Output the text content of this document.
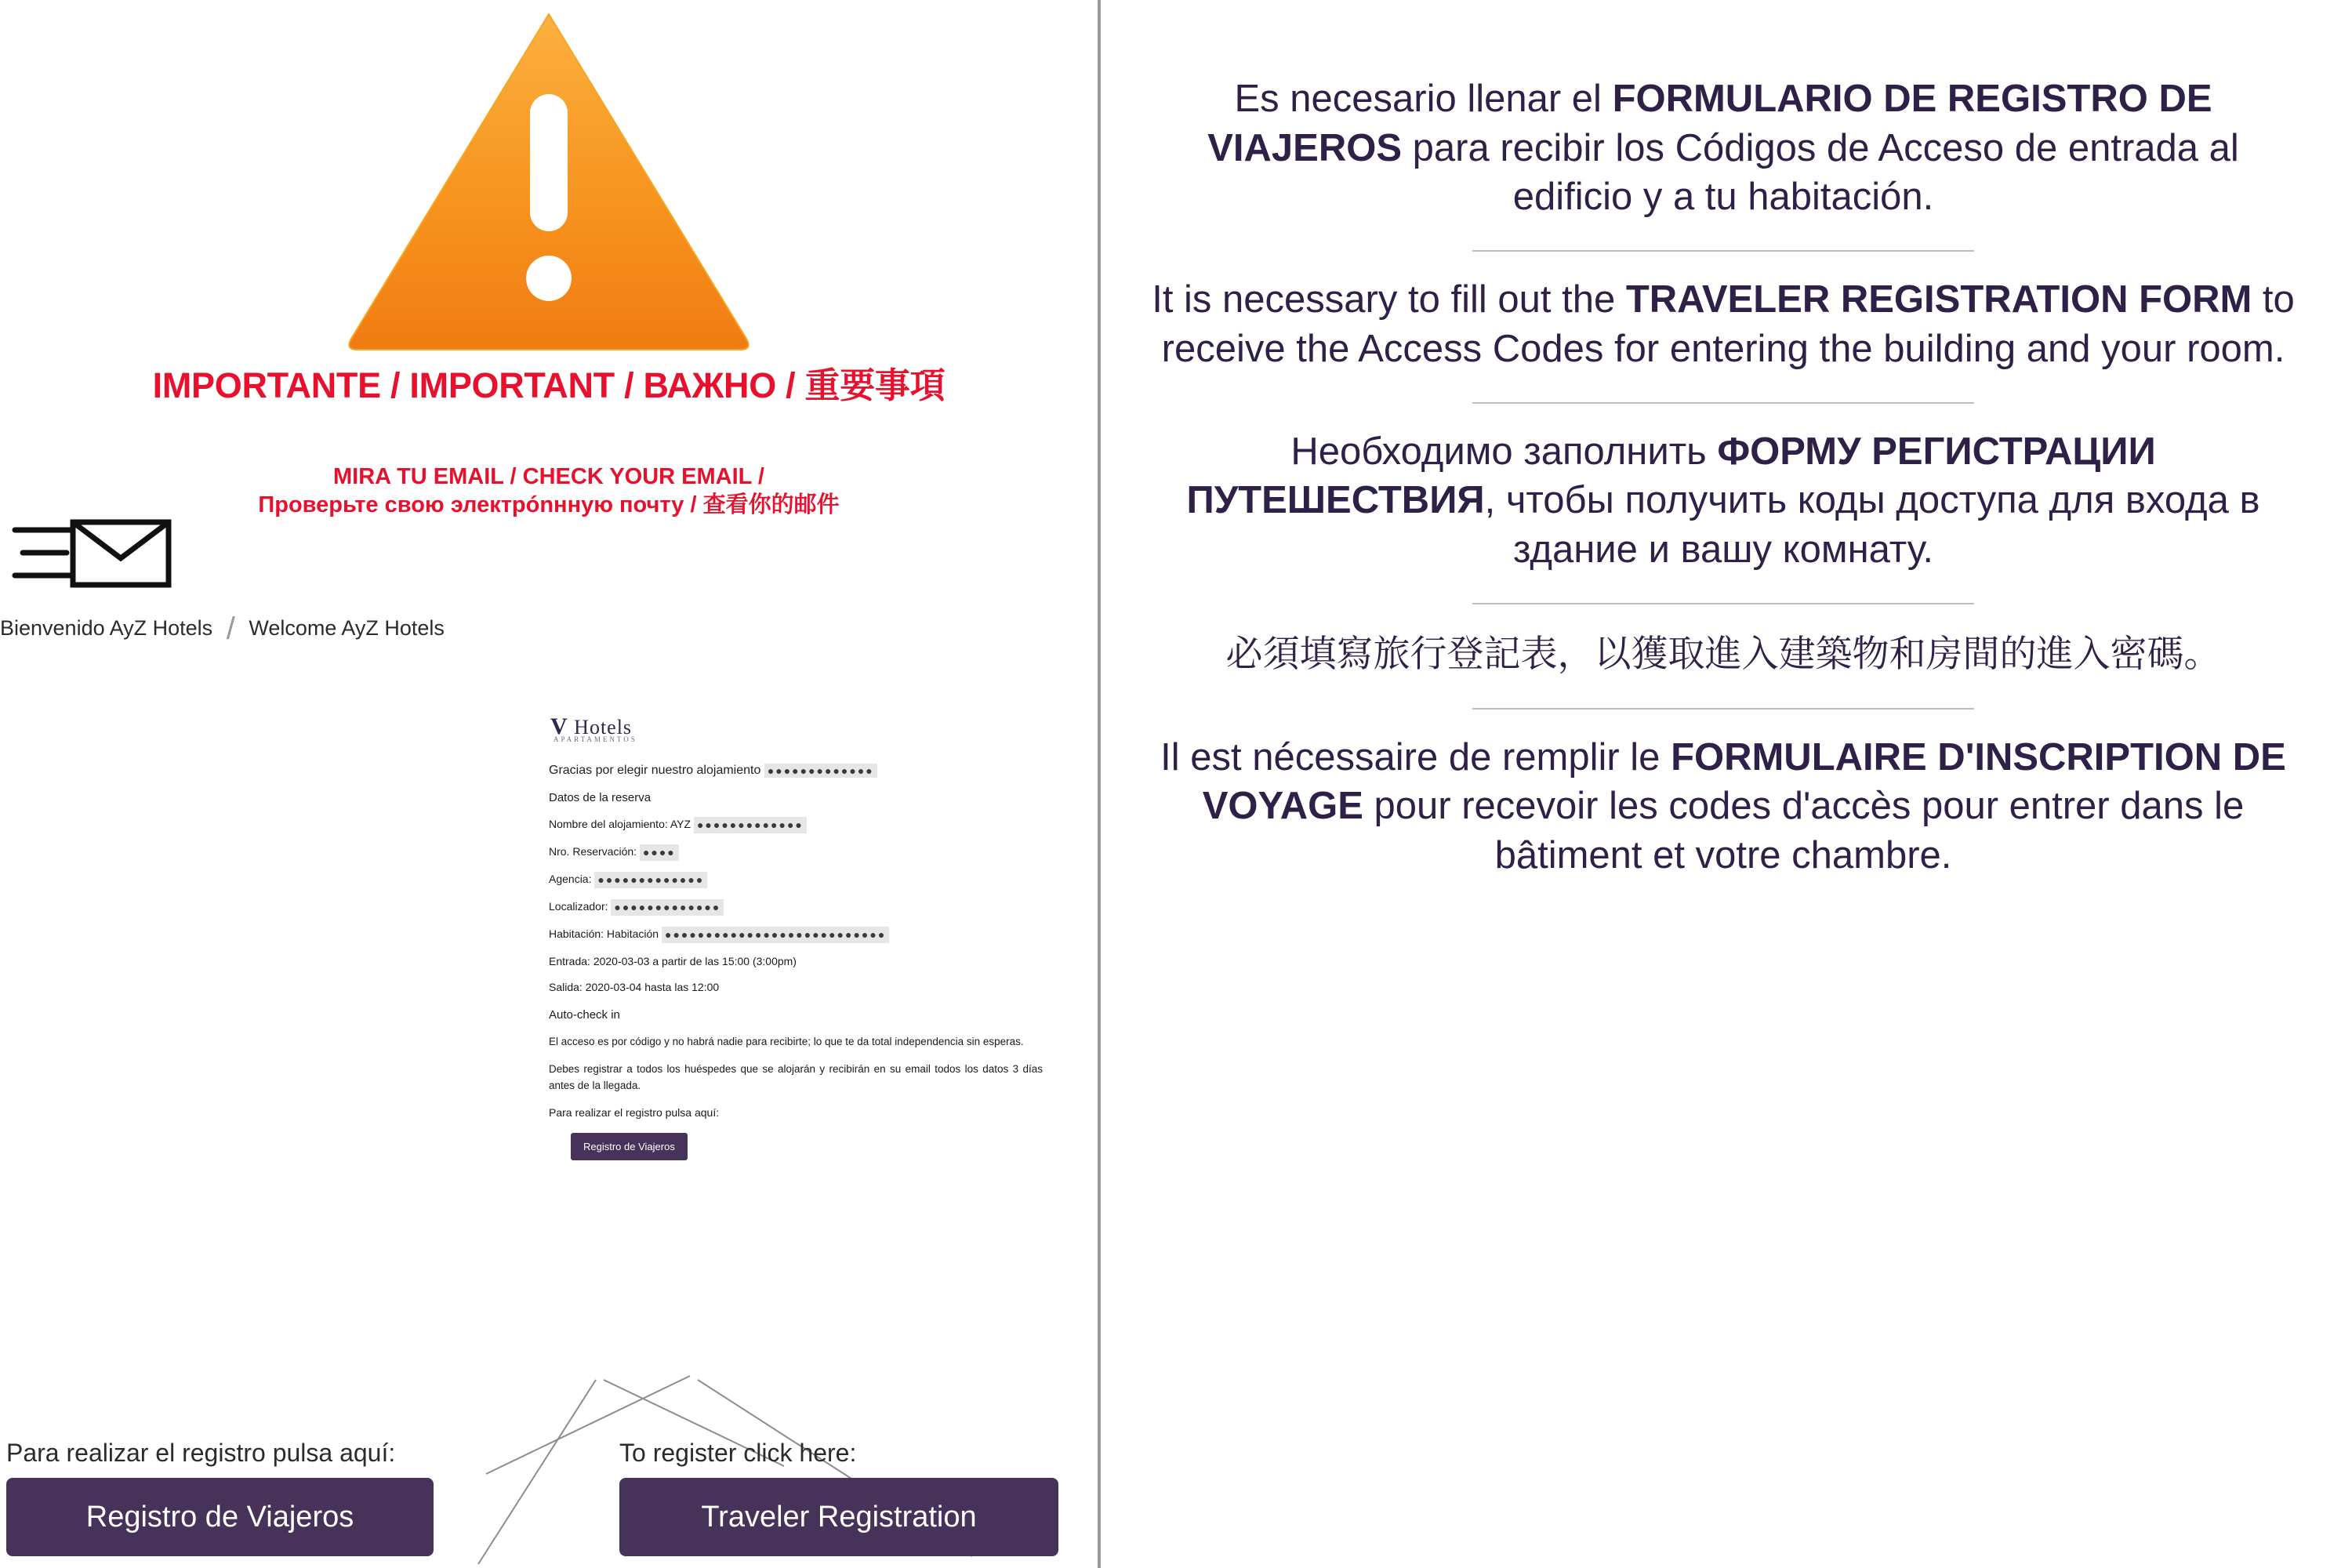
IMPORTANTE / IMPORTANT / ВАЖНО / 重要事項
MIRA TU EMAIL / CHECK YOUR EMAIL /
Проверьте свою электрónнную почту / 查看你的邮件
Bienvenido AyZ Hotels / Welcome AyZ Hotels
V Hotels
APARTAMENTOS
Gracias por elegir nuestro alojamiento ●●●●●●●●●●●●●
Datos de la reserva
Nombre del alojamiento: AYZ ●●●●●●●●●●●●●
Nro. Reservación: ●●●●
Agencia: ●●●●●●●●●●●●●
Localizador: ●●●●●●●●●●●●●
Habitación: Habitación ●●●●●●●●●●●●●●●●●●●●●●●●●●●
Entrada: 2020-03-03 a partir de las 15:00 (3:00pm)
Salida: 2020-03-04 hasta las 12:00
Auto-check in
El acceso es por código y no habrá nadie para recibirte; lo que te da total independencia sin esperas.
Debes registrar a todos los huéspedes que se alojarán y recibirán en su email todos los datos 3 días antes de la llegada.
Para realizar el registro pulsa aquí:
Registro de Viajeros
Para realizar el registro pulsa aquí:	To register click here:
Registro de Viajeros	Traveler Registration
Es necesario llenar el FORMULARIO DE REGISTRO DE VIAJEROS para recibir los Códigos de Acceso de entrada al edificio y a tu habitación.
It is necessary to fill out the TRAVELER REGISTRATION FORM to receive the Access Codes for entering the building and your room.
Необходимо заполнить ФОРМУ РЕГИСТРАЦИИ ПУТЕШЕСТВИЯ, чтобы получить коды доступа для входа в здание и вашу комнату.
必須填寫旅行登記表，以獲取進入建築物和房間的進入密碼。
Il est nécessaire de remplir le FORMULAIRE D'INSCRIPTION DE VOYAGE pour recevoir les codes d'accès pour entrer dans le bâtiment et votre chambre.
